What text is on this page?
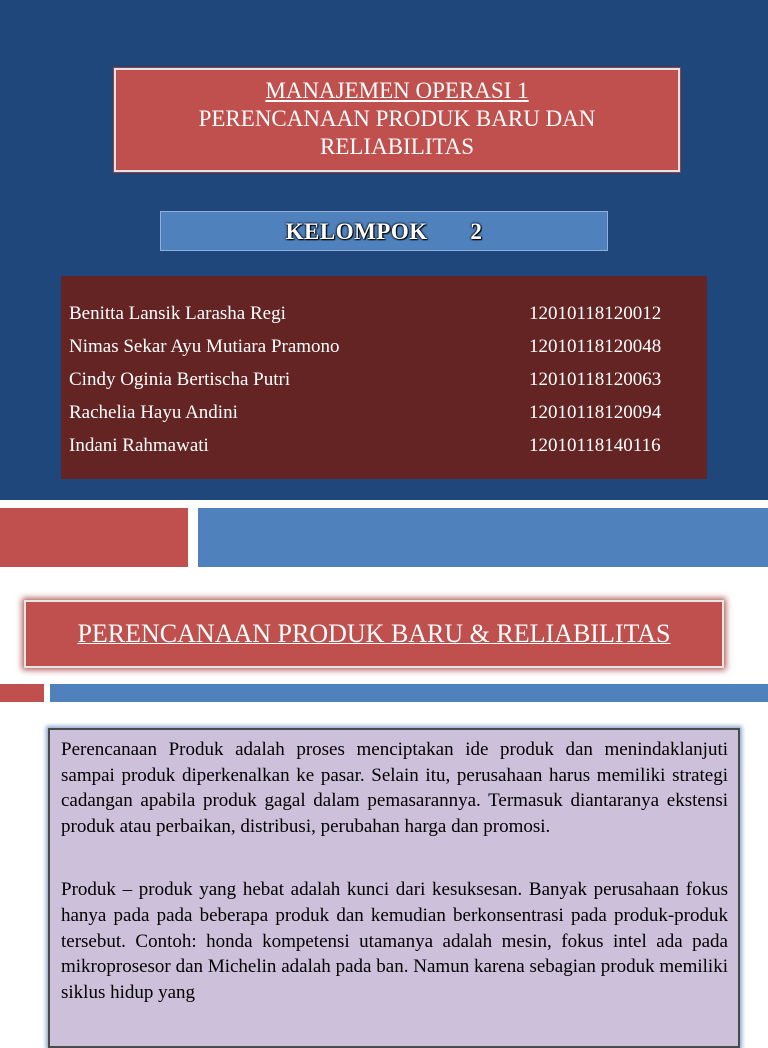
MANAJEMEN OPERASI 1
PERENCANAAN PRODUK BARU DAN RELIABILITAS
KELOMPOK   2
Benitta Lansik Larasha Regi	12010118120012
Nimas Sekar Ayu Mutiara Pramono	12010118120048
Cindy Oginia Bertischa Putri	12010118120063
Rachelia Hayu Andini	12010118120094
Indani Rahmawati	12010118140116
PERENCANAAN PRODUK BARU & RELIABILITAS

Perencanaan Produk adalah proses menciptakan ide produk dan menindaklanjuti sampai produk diperkenalkan ke pasar. Selain itu, perusahaan harus memiliki strategi cadangan apabila produk gagal dalam pemasarannya. Termasuk diantaranya ekstensi produk atau perbaikan, distribusi, perubahan harga dan promosi.

Produk – produk yang hebat adalah kunci dari kesuksesan. Banyak perusahaan fokus hanya pada pada beberapa produk dan kemudian berkonsentrasi pada produk-produk tersebut. Contoh: honda kompetensi utamanya adalah mesin, fokus intel ada pada mikroprosesor dan Michelin adalah pada ban. Namun karena sebagian produk memiliki siklus hidup yang
